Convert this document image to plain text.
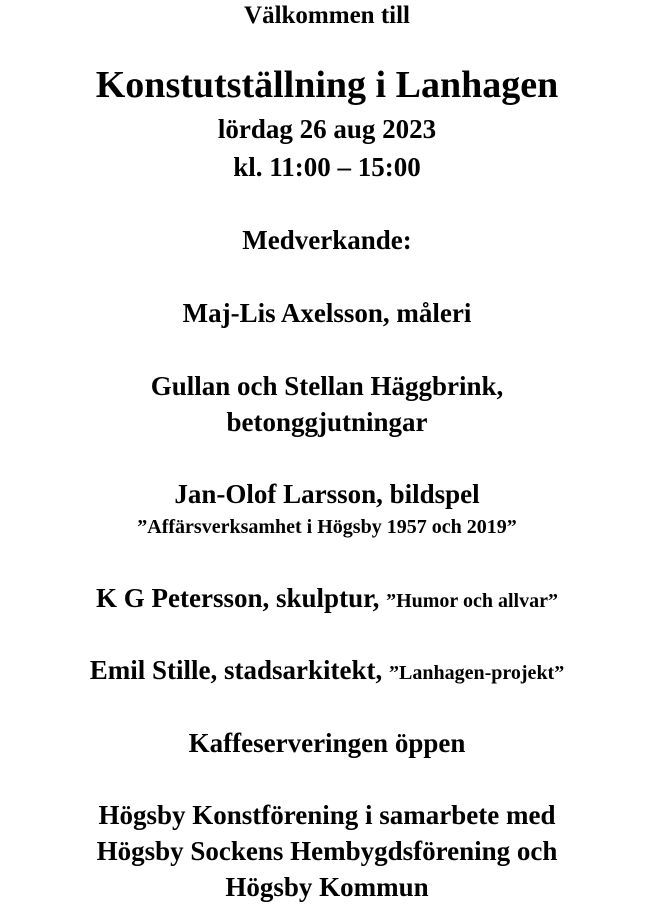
Välkommen till
Konstutställning i Lanhagen
lördag 26 aug 2023
kl. 11:00 – 15:00
Medverkande:
Maj-Lis Axelsson, måleri
Gullan och Stellan Häggbrink,
betonggjutningar
Jan-Olof Larsson, bildspel
”Affärsverksamhet i Högsby 1957 och 2019”
K G Petersson, skulptur, ”Humor och allvar”
Emil Stille, stadsarkitekt, ”Lanhagen-projekt”
Kaffeserveringen öppen
Högsby Konstförening i samarbete med
Högsby Sockens Hembygdsförening och
Högsby Kommun
